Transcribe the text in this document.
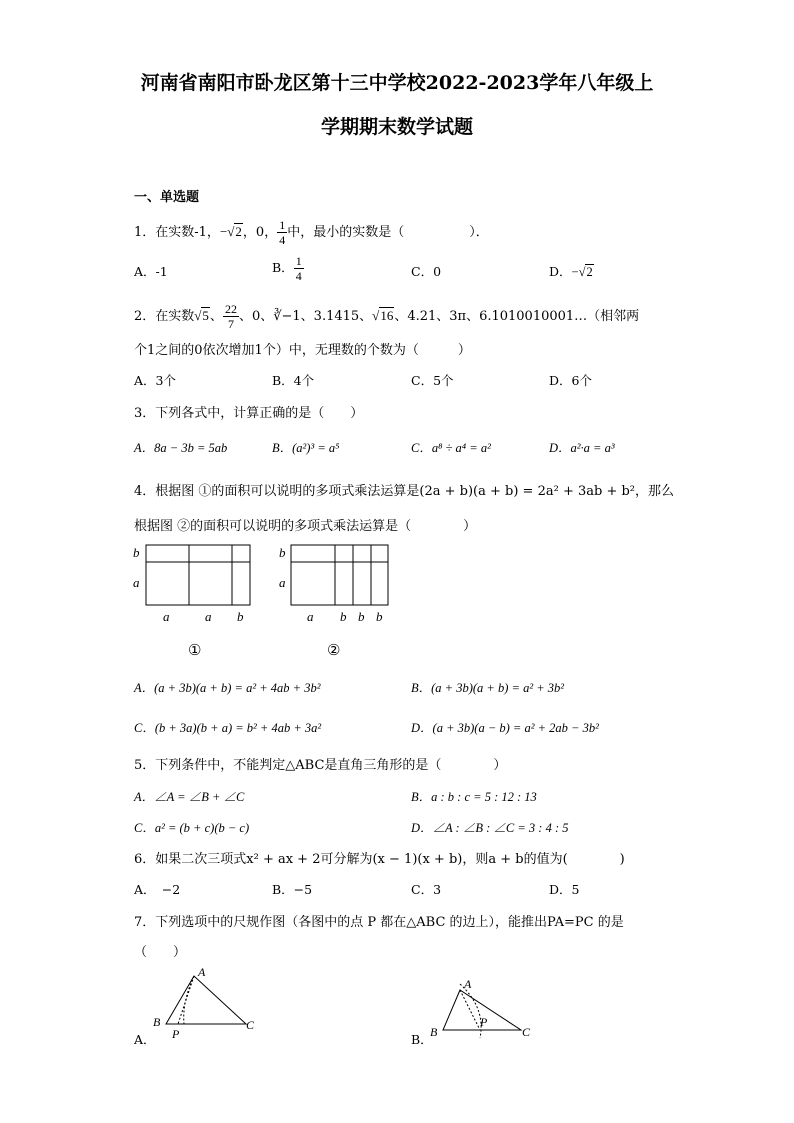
河南省南阳市卧龙区第十三中学校2022-2023学年八年级上
学期期末数学试题
一、单选题
1．在实数-1，−√2，0， $\frac{1}{4}$ 中，最小的实数是（　　　　　）．
A．-1	B． $\frac{1}{4}$	C．0	D．−√2
2．在实数√5、 $\frac{22}{7}$ 、0、∛−1、3.1415、√16、4.21、3π、6.1010010001…（相邻两
个1之间的0依次增加1个）中，无理数的个数为（　　　）
A．3个	B．4个	C．5个	D．6个
3．下列各式中，计算正确的是（　　）
A．8a − 3b = 5ab	B．(a²)³ = a⁵	C．a⁸ ÷ a⁴ = a²	D．a²·a = a³
4．根据图 ①的面积可以说明的多项式乘法运算是(2a + b)(a + b) = 2a² + 3ab + b²，那么
根据图 ②的面积可以说明的多项式乘法运算是（　　　　）
b
a
a	a b
①
b
a
a b b b
②
A．(a + 3b)(a + b) = a² + 4ab + 3b²	B．(a + 3b)(a + b) = a² + 3b²
C．(b + 3a)(b + a) = b² + 4ab + 3a²	D．(a + 3b)(a − b) = a² + 2ab − 3b²
5．下列条件中，不能判定△ABC是直角三角形的是（　　　　）
A．∠A = ∠B + ∠C	B．a : b : c = 5 : 12 : 13
C．a² = (b + c)(b − c)	D．∠A : ∠B : ∠C = 3 : 4 : 5
6．如果二次三项式x² + ax + 2可分解为(x − 1)(x + b)，则a + b的值为(　　　　)
A．　−2	B．−5	C．3	D．5
7．下列选项中的尺规作图（各图中的点 P 都在△ABC 的边上），能推出PA=PC 的是
（　　）
A．
A
B
P
C
B．
A
B
P
C
